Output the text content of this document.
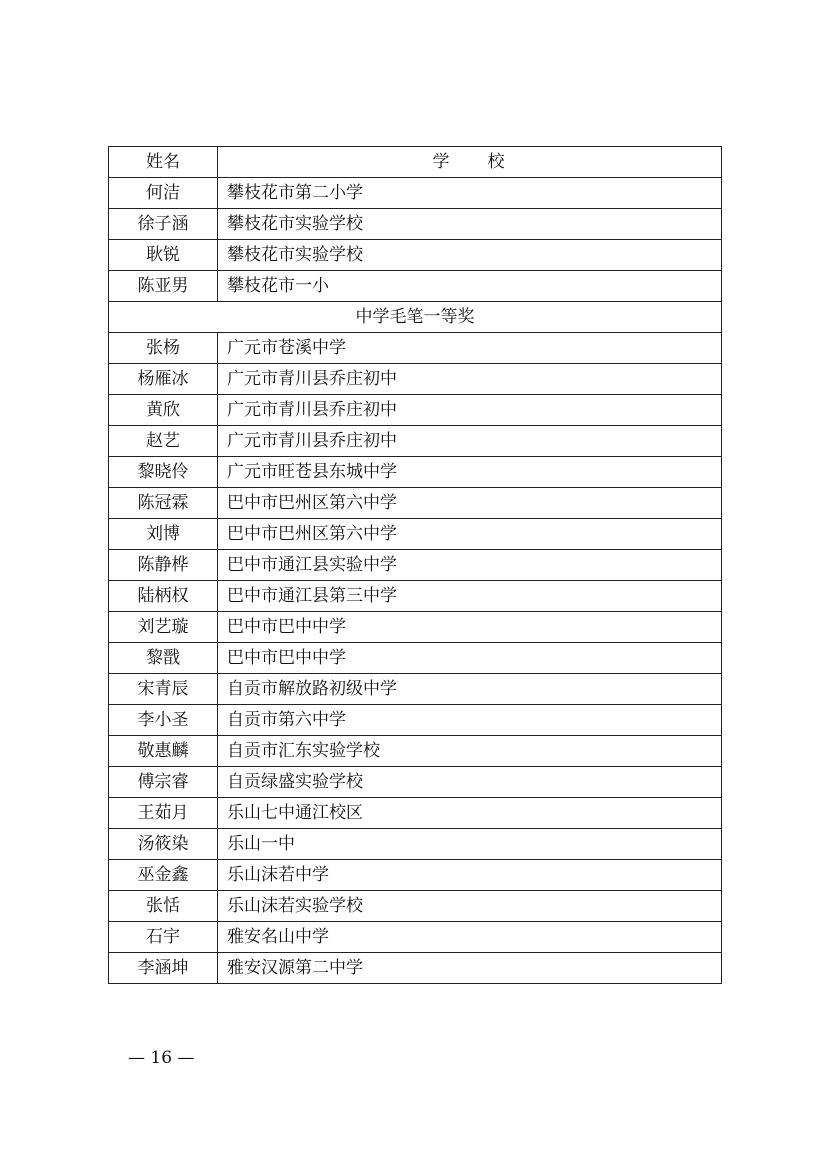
姓名	学 校
何洁	攀枝花市第二小学
徐子涵	攀枝花市实验学校
耿锐	攀枝花市实验学校
陈亚男	攀枝花市一小
中学毛笔一等奖	
张杨	广元市苍溪中学
杨雁冰	广元市青川县乔庄初中
黄欣	广元市青川县乔庄初中
赵艺	广元市青川县乔庄初中
黎晓伶	广元市旺苍县东城中学
陈冠霖	巴中市巴州区第六中学
刘博	巴中市巴州区第六中学
陈静桦	巴中市通江县实验中学
陆柄权	巴中市通江县第三中学
刘艺璇	巴中市巴中中学
黎戬	巴中市巴中中学
宋青辰	自贡市解放路初级中学
李小圣	自贡市第六中学
敬惠麟	自贡市汇东实验学校
傅宗睿	自贡绿盛实验学校
王茹月	乐山七中通江校区
汤筱染	乐山一中
巫金鑫	乐山沫若中学
张恬	乐山沫若实验学校
石宇	雅安名山中学
李涵坤	雅安汉源第二中学
— 16 —
